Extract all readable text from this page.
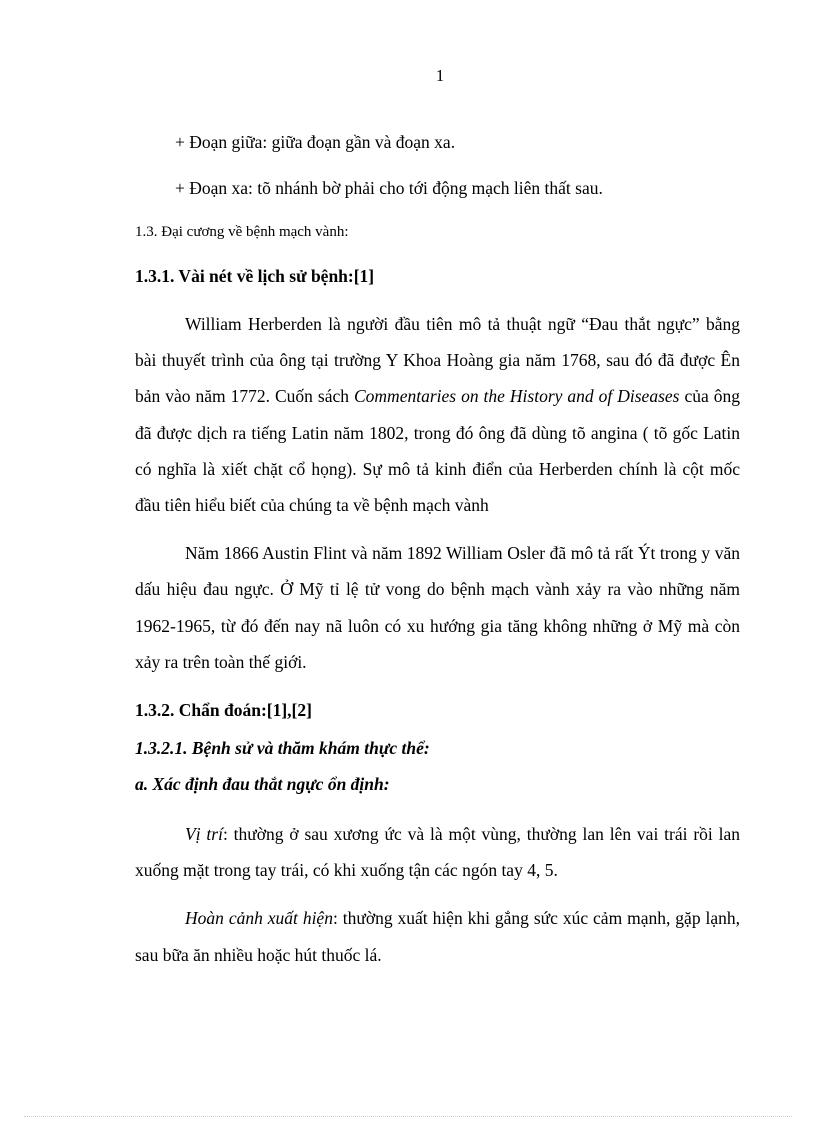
1
+ Đoạn giữa: giữa đoạn gần và đoạn xa.
+ Đoạn xa: tõ nhánh bờ phải cho tới động mạch liên thất sau.
1.3. Đại cương về bệnh mạch vành:
1.3.1. Vài nét về lịch sử bệnh:[1]

William Herberden là người đầu tiên mô tả thuật ngữ “Đau thắt ngực” bằng bài thuyết trình của ông tại trường Y Khoa Hoàng gia năm 1768, sau đó đã được Ên bản vào năm 1772. Cuốn sách Commentaries on the History and of Diseases của ông đã được dịch ra tiếng Latin năm 1802, trong đó ông đã dùng tõ angina ( tõ gốc Latin có nghĩa là xiết chặt cổ họng). Sự mô tả kinh điển của Herberden chính là cột mốc đầu tiên hiểu biết của chúng ta về bệnh mạch vành

Năm 1866 Austin Flint và năm 1892 William Osler đã mô tả rất Ýt trong y văn dấu hiệu đau ngực. Ở Mỹ tỉ lệ tử vong do bệnh mạch vành xảy ra vào những năm 1962-1965, từ đó đến nay nã luôn có xu hướng gia tăng không những ở Mỹ mà còn xảy ra trên toàn thế giới.

1.3.2. Chẩn đoán:[1],[2]
1.3.2.1. Bệnh sử và thăm khám thực thể:
a. Xác định đau thắt ngực ổn định:

Vị trí: thường ở sau xương ức và là một vùng, thường lan lên vai trái rồi lan xuống mặt trong tay trái, có khi xuống tận các ngón tay 4, 5.

Hoàn cảnh xuất hiện: thường xuất hiện khi gắng sức xúc cảm mạnh, gặp lạnh, sau bữa ăn nhiều hoặc hút thuốc lá.
